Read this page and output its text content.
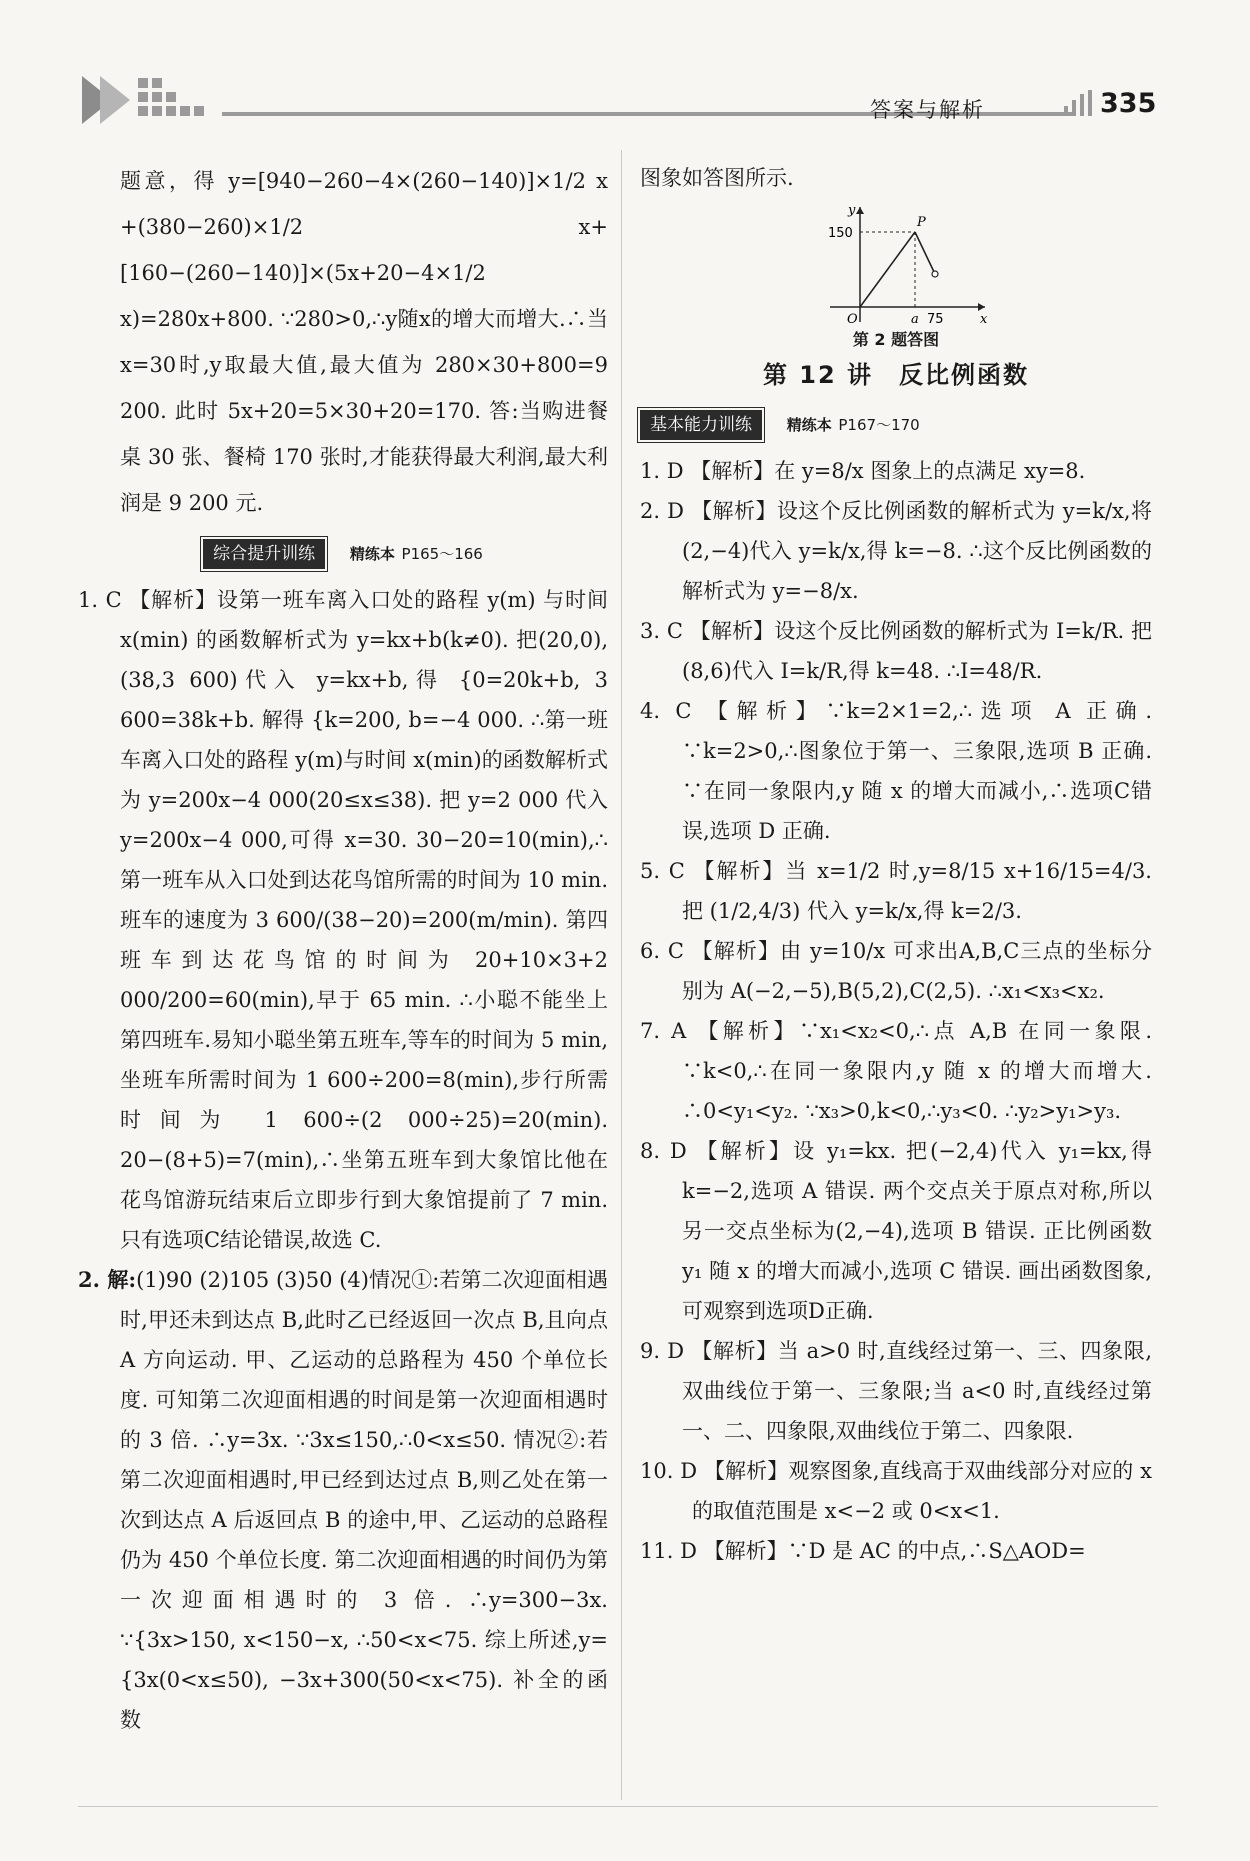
答案与解析	335

题意，得 y=[940−260−4×(260−140)]×1/2 x +(380−260)×1/2 x+[160−(260−140)]×(5x+20−4×1/2 x)=280x+800. ∵280>0,∴y随x的增大而增大.∴当x=30时,y取最大值,最大值为 280×30+800=9 200. 此时 5x+20=5×30+20=170. 答:当购进餐桌 30 张、餐椅 170 张时,才能获得最大利润,最大利润是 9 200 元.

综合提升训练 精练本 P165～166

1. C 【解析】设第一班车离入口处的路程 y(m) 与时间 x(min) 的函数解析式为 y=kx+b(k≠0). 把(20,0),(38,3 600)代入 y=kx+b,得 {0=20k+b, 3 600=38k+b. 解得 {k=200, b=−4 000. ∴第一班车离入口处的路程 y(m)与时间 x(min)的函数解析式为 y=200x−4 000(20≤x≤38). 把 y=2 000 代入 y=200x−4 000,可得 x=30. 30−20=10(min),∴第一班车从入口处到达花鸟馆所需的时间为 10 min. 班车的速度为 3 600/(38−20)=200(m/min). 第四班车到达花鸟馆的时间为 20+10×3+2 000/200=60(min),早于 65 min. ∴小聪不能坐上第四班车.易知小聪坐第五班车,等车的时间为 5 min,坐班车所需时间为 1 600÷200=8(min),步行所需时间为 1 600÷(2 000÷25)=20(min). 20−(8+5)=7(min),∴坐第五班车到大象馆比他在花鸟馆游玩结束后立即步行到大象馆提前了 7 min. 只有选项C结论错误,故选 C.

2. 解:(1)90 (2)105 (3)50 (4)情况①:若第二次迎面相遇时,甲还未到达点 B,此时乙已经返回一次点 B,且向点 A 方向运动. 甲、乙运动的总路程为 450 个单位长度. 可知第二次迎面相遇的时间是第一次迎面相遇时的 3 倍. ∴y=3x. ∵3x≤150,∴0<x≤50. 情况②:若第二次迎面相遇时,甲已经到达过点 B,则乙处在第一次到达点 A 后返回点 B 的途中,甲、乙运动的总路程仍为 450 个单位长度. 第二次迎面相遇的时间仍为第一次迎面相遇时的 3 倍. ∴y=300−3x. ∵{3x>150, x<150−x, ∴50<x<75. 综上所述,y={3x(0<x≤50), −3x+300(50<x<75). 补全的函数

图象如答图所示.

y
x
O
P
150
a 75
第 2 题答图
第 12 讲　反比例函数
基本能力训练 精练本 P167～170

1. D 【解析】在 y=8/x 图象上的点满足 xy=8.

2. D 【解析】设这个反比例函数的解析式为 y=k/x,将(2,−4)代入 y=k/x,得 k=−8. ∴这个反比例函数的解析式为 y=−8/x.

3. C 【解析】设这个反比例函数的解析式为 I=k/R. 把(8,6)代入 I=k/R,得 k=48. ∴I=48/R.

4. C 【解析】∵k=2×1=2,∴选项 A 正确. ∵k=2>0,∴图象位于第一、三象限,选项 B 正确. ∵在同一象限内,y 随 x 的增大而减小,∴选项C错误,选项 D 正确.

5. C 【解析】当 x=1/2 时,y=8/15 x+16/15=4/3. 把 (1/2,4/3) 代入 y=k/x,得 k=2/3.

6. C 【解析】由 y=10/x 可求出A,B,C三点的坐标分别为 A(−2,−5),B(5,2),C(2,5). ∴x₁<x₃<x₂.

7. A 【解析】∵x₁<x₂<0,∴点 A,B 在同一象限. ∵k<0,∴在同一象限内,y 随 x 的增大而增大. ∴0<y₁<y₂. ∵x₃>0,k<0,∴y₃<0. ∴y₂>y₁>y₃.

8. D 【解析】设 y₁=kx. 把(−2,4)代入 y₁=kx,得 k=−2,选项 A 错误. 两个交点关于原点对称,所以另一交点坐标为(2,−4),选项 B 错误. 正比例函数 y₁ 随 x 的增大而减小,选项 C 错误. 画出函数图象,可观察到选项D正确.

9. D 【解析】当 a>0 时,直线经过第一、三、四象限,双曲线位于第一、三象限;当 a<0 时,直线经过第一、二、四象限,双曲线位于第二、四象限.

10. D 【解析】观察图象,直线高于双曲线部分对应的 x 的取值范围是 x<−2 或 0<x<1.

11. D 【解析】∵D 是 AC 的中点,∴S△AOD=
